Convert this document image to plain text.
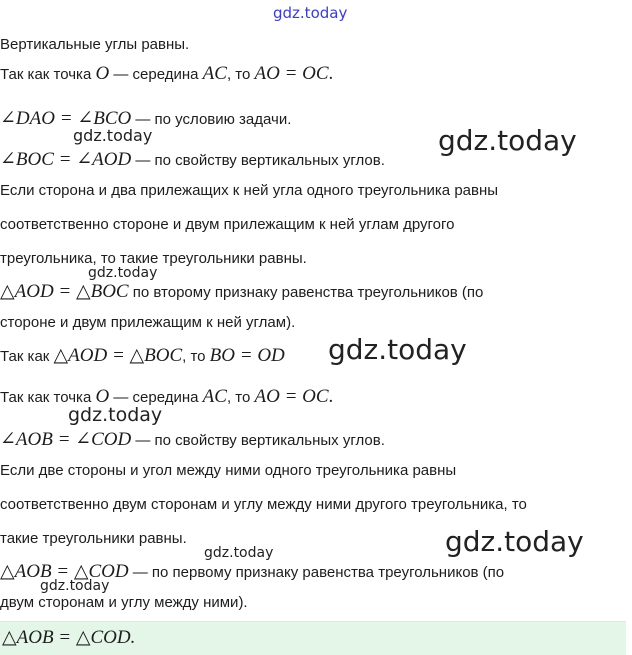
gdz.today
Вертикальные углы равны.
Так как точка O — середина AC, то AO = OC.
∠DAO = ∠BCO — по условию задачи.
∠BOC = ∠AOD — по свойству вертикальных углов.
Если сторона и два прилежащих к ней угла одного треугольника равны
соответственно стороне и двум прилежащим к ней углам другого
треугольника, то такие треугольники равны.
△AOD = △BOC по второму признаку равенства треугольников (по
стороне и двум прилежащим к ней углам).
Так как △AOD = △BOC, то BO = OD
Так как точка O — середина AC, то AO = OC.
∠AOB = ∠COD — по свойству вертикальных углов.
Если две стороны и угол между ними одного треугольника равны
соответственно двум сторонам и углу между ними другого треугольника, то
такие треугольники равны.
△AOB = △COD — по первому признаку равенства треугольников (по
двум сторонам и углу между ними).
△AOB = △COD.
gdz.today	gdz.today
gdz.today
gdz.today
gdz.today
gdz.today
gdz.today
gdz.today
